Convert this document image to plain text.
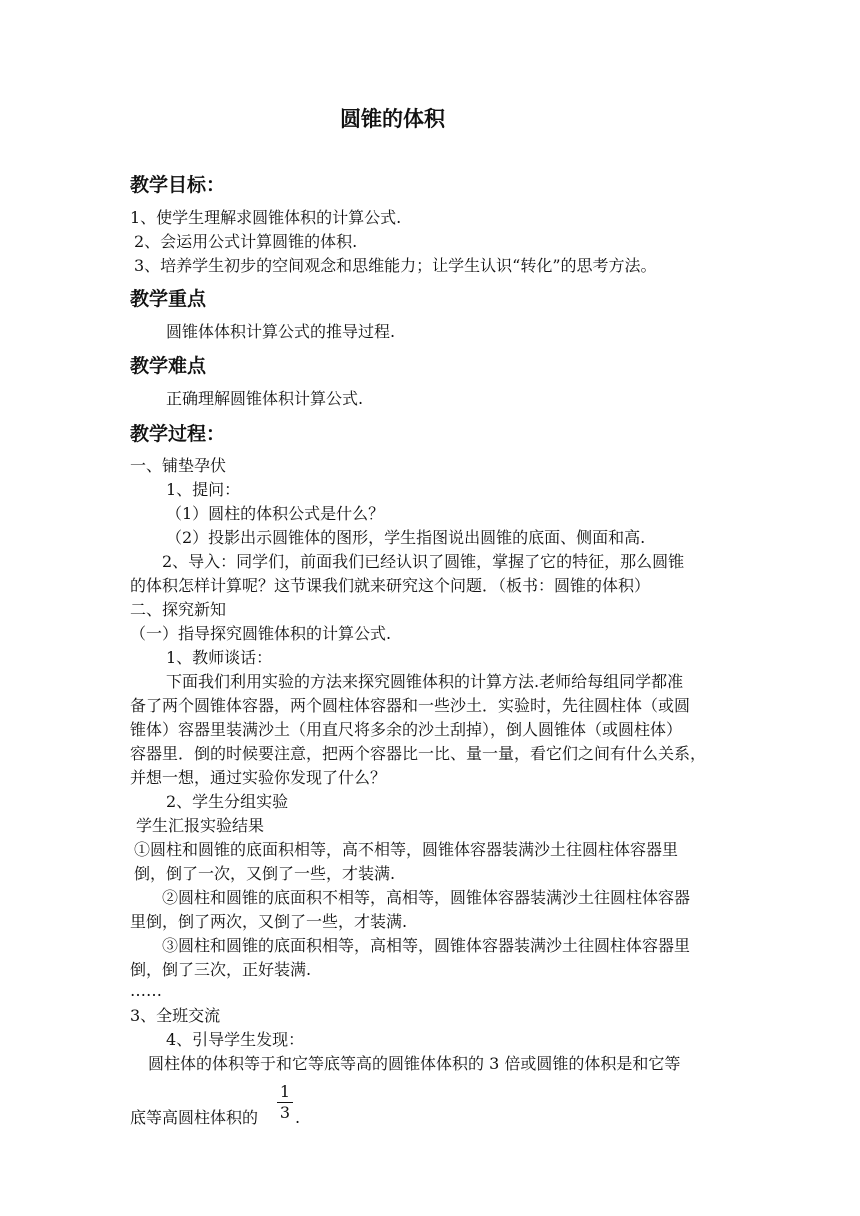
圆锥的体积
教学目标：
1、使学生理解求圆锥体积的计算公式.
2、会运用公式计算圆锥的体积.
3、培养学生初步的空间观念和思维能力；让学生认识“转化”的思考方法。
教学重点
圆锥体体积计算公式的推导过程.
教学难点
正确理解圆锥体积计算公式.
教学过程：
一、铺垫孕伏
1、提问：
（1）圆柱的体积公式是什么？
（2）投影出示圆锥体的图形，学生指图说出圆锥的底面、侧面和高.
2、导入：同学们，前面我们已经认识了圆锥，掌握了它的特征，那么圆锥
的体积怎样计算呢？这节课我们就来研究这个问题．（板书：圆锥的体积）
二、探究新知
（一）指导探究圆锥体积的计算公式.
1、教师谈话：
下面我们利用实验的方法来探究圆锥体积的计算方法.老师给每组同学都准
备了两个圆锥体容器，两个圆柱体容器和一些沙土．实验时，先往圆柱体（或圆
锥体）容器里装满沙土（用直尺将多余的沙土刮掉），倒人圆锥体（或圆柱体）
容器里．倒的时候要注意，把两个容器比一比、量一量，看它们之间有什么关系，
并想一想，通过实验你发现了什么？
2、学生分组实验
学生汇报实验结果
①圆柱和圆锥的底面积相等，高不相等，圆锥体容器装满沙土往圆柱体容器里
倒，倒了一次，又倒了一些，才装满.
②圆柱和圆锥的底面积不相等，高相等，圆锥体容器装满沙土往圆柱体容器
里倒，倒了两次，又倒了一些，才装满.
③圆柱和圆锥的底面积相等，高相等，圆锥体容器装满沙土往圆柱体容器里
倒，倒了三次，正好装满.
……
3、全班交流
4、引导学生发现：
圆柱体的体积等于和它等底等高的圆锥体体积的 3 倍或圆锥的体积是和它等
底等高圆柱体积的
1
3 .
